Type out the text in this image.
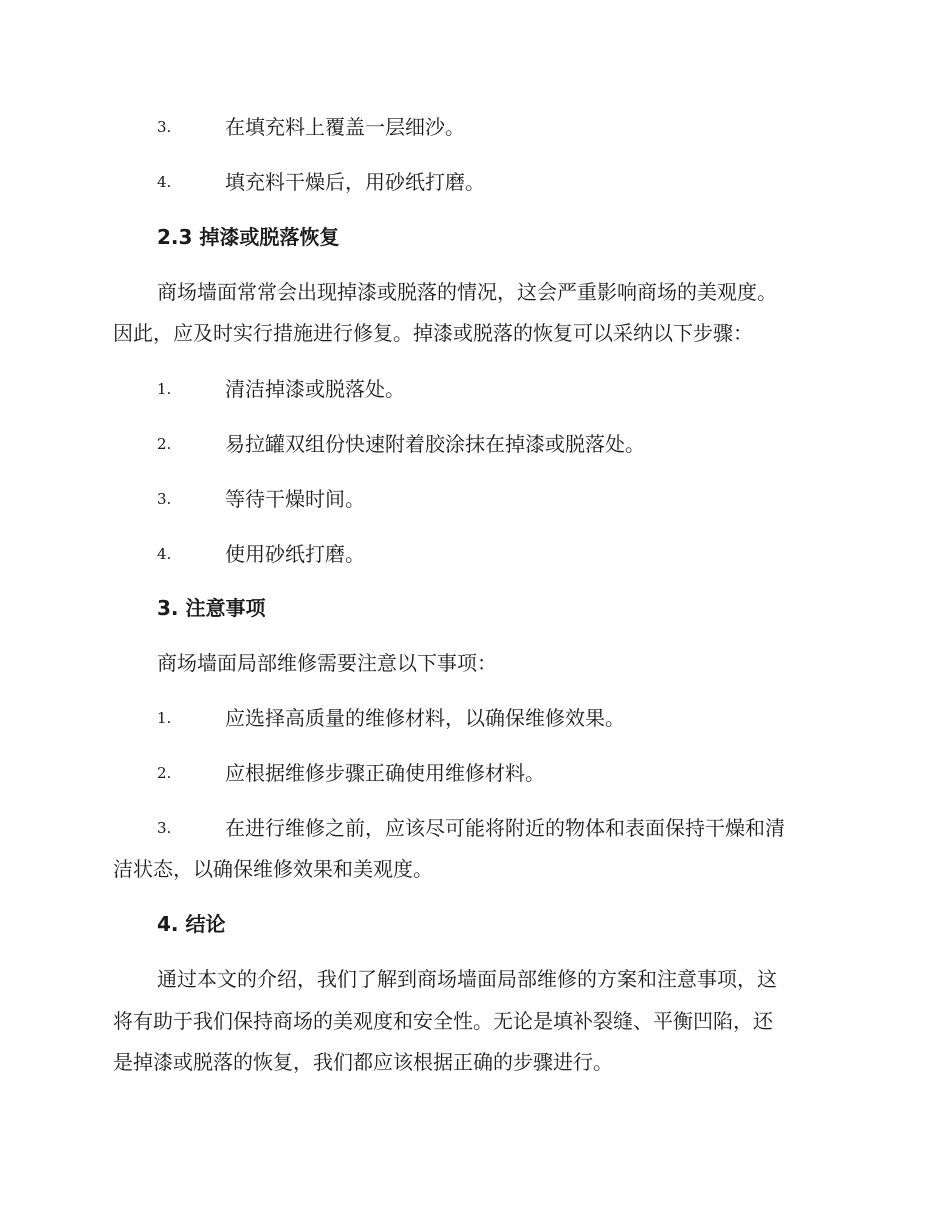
3.	在填充料上覆盖一层细沙。
4.	填充料干燥后，用砂纸打磨。
2.3 掉漆或脱落恢复
商场墙面常常会出现掉漆或脱落的情况，这会严重影响商场的美观度。
因此，应及时实行措施进行修复。掉漆或脱落的恢复可以采纳以下步骤：
1.	清洁掉漆或脱落处。
2.	易拉罐双组份快速附着胶涂抹在掉漆或脱落处。
3.	等待干燥时间。
4.	使用砂纸打磨。
3. 注意事项
商场墙面局部维修需要注意以下事项：
1.	应选择高质量的维修材料，以确保维修效果。
2.	应根据维修步骤正确使用维修材料。
3.	在进行维修之前，应该尽可能将附近的物体和表面保持干燥和清
洁状态，以确保维修效果和美观度。
4. 结论
通过本文的介绍，我们了解到商场墙面局部维修的方案和注意事项，这
将有助于我们保持商场的美观度和安全性。无论是填补裂缝、平衡凹陷，还
是掉漆或脱落的恢复，我们都应该根据正确的步骤进行。
